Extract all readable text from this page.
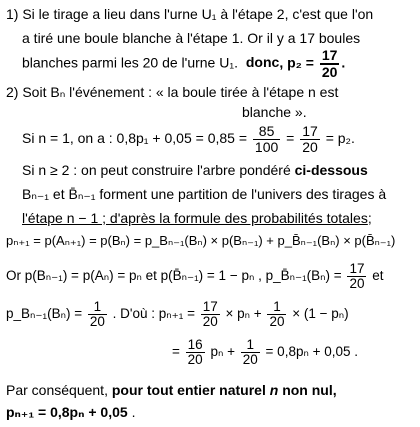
1) Si le tirage a lieu dans l'urne U₁ à l'étape 2, c'est que l'on
a tiré une boule blanche à l'étape 1. Or il y a 17 boules
blanches parmi les 20 de l'urne U₁. donc, $p_2 = \frac{17}{20}$ .
2) Soit Bₙ l'événement : « la boule tirée à l'étape n est
blanche ».
Si n = 1, on a : $0,8p_1 + 0,05 = 0,85 = \frac{85}{100} = \frac{17}{20} = p_2$.
Si n ≥ 2 : on peut construire l'arbre pondéré ci-dessous
Bₙ₋₁ et B̄ₙ₋₁ forment une partition de l'univers des tirages à
l'étape n − 1 ; d'après la formule des probabilités totales;
pₙ₊₁ = p(Aₙ₊₁) = p(Bₙ) = p_Bₙ₋₁(Bₙ) × p(Bₙ₋₁) + p_B̄ₙ₋₁(Bₙ) × p(B̄ₙ₋₁)
Or p(Bₙ₋₁) = p(Aₙ) = pₙ et p(B̄ₙ₋₁) = 1 − pₙ , p_B̄ₙ₋₁(Bₙ) = $\frac{17}{20}$ et
p_Bₙ₋₁(Bₙ) = $\frac{1}{20}$ . D'où : $p_{n+1} = \frac{17}{20} \times p_n + \frac{1}{20} \times (1 - p_n)$
= $\frac{16}{20}$ $p_n + \frac{1}{20} = 0,8p_n + 0,05$ .
Par conséquent, pour tout entier naturel n non nul,
pₙ₊₁ = 0,8pₙ + 0,05 .
